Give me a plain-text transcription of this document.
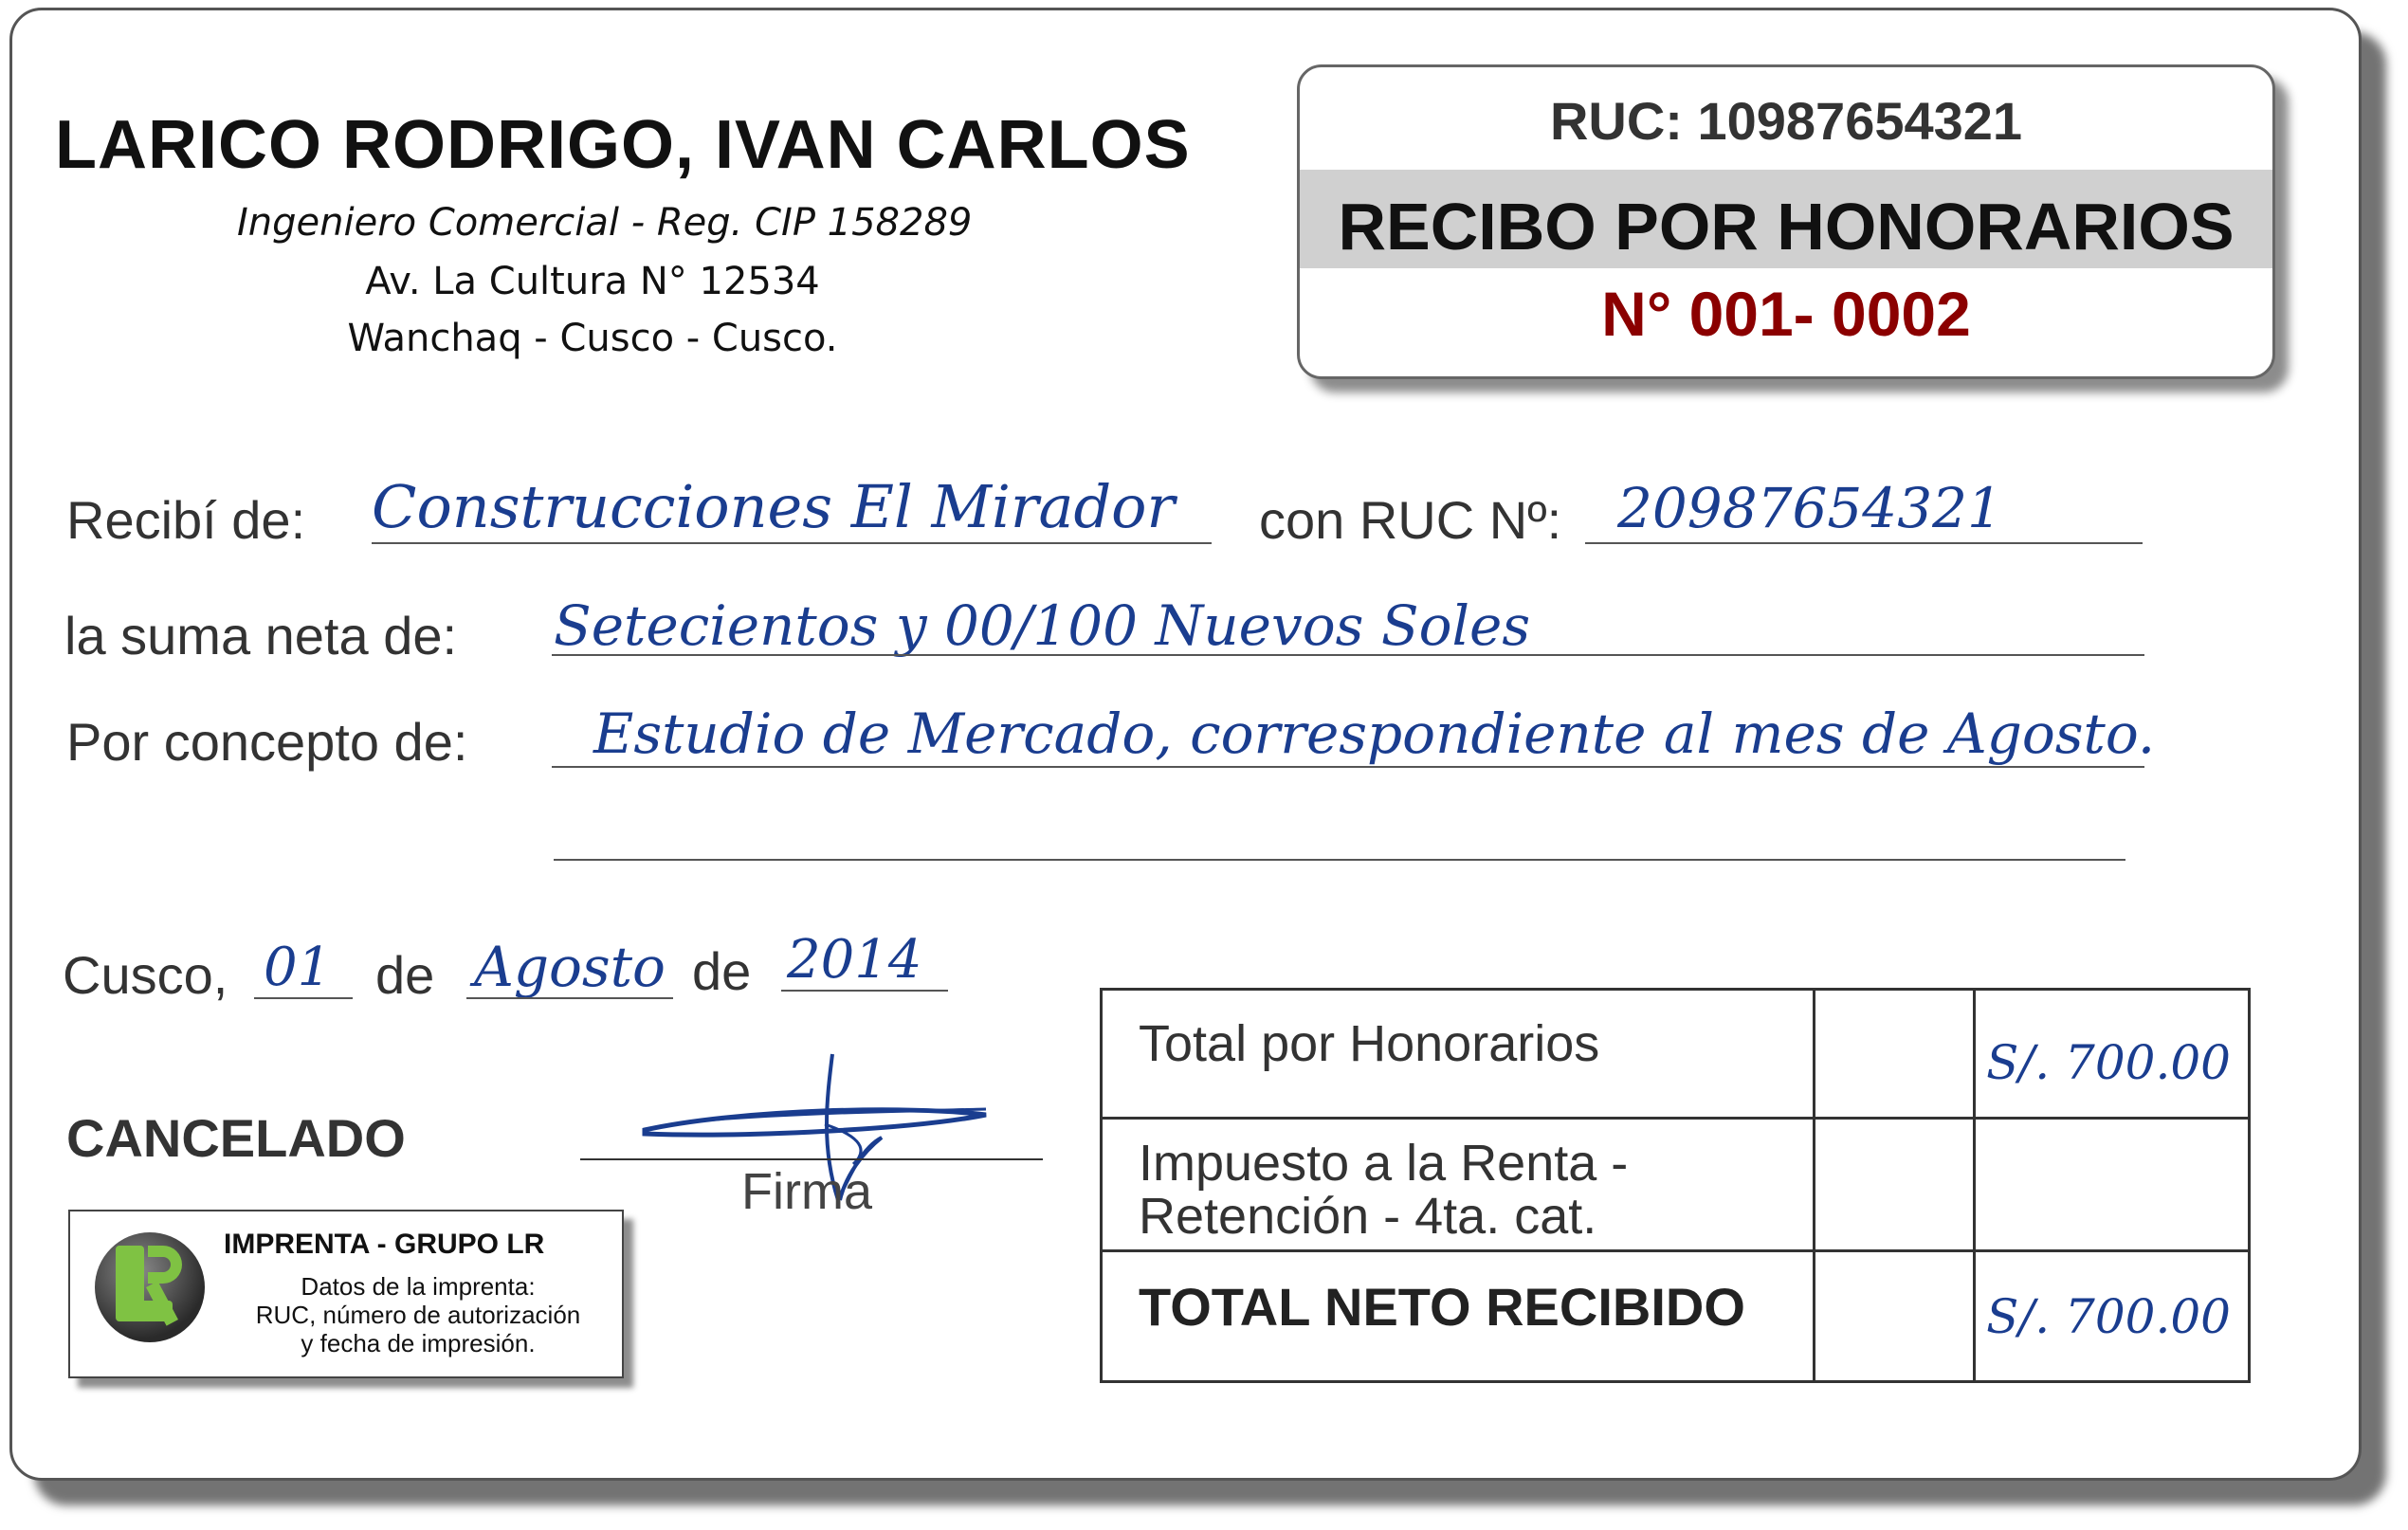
LARICO RODRIGO, IVAN CARLOS
Ingeniero Comercial - Reg. CIP 158289
Av. La Cultura N° 12534
Wanchaq - Cusco - Cusco.
RUC: 10987654321
RECIBO POR HONORARIOS
N° 001- 0002
Recibí de: Construcciones El Mirador con RUC Nº: 20987654321
la suma neta de: Setecientos y 00/100 Nuevos Soles
Por concepto de: Estudio de Mercado, correspondiente al mes de Agosto.
Cusco, 01 de Agosto de 2014
CANCELADO
Firma
IMPRENTA - GRUPO LR
Datos de la imprenta:
RUC, número de autorización
y fecha de impresión.
Total por Honorarios		S/. 700.00

Impuesto a la Renta -
Retención - 4ta. cat.		

TOTAL NETO RECIBIDO		S/. 700.00
